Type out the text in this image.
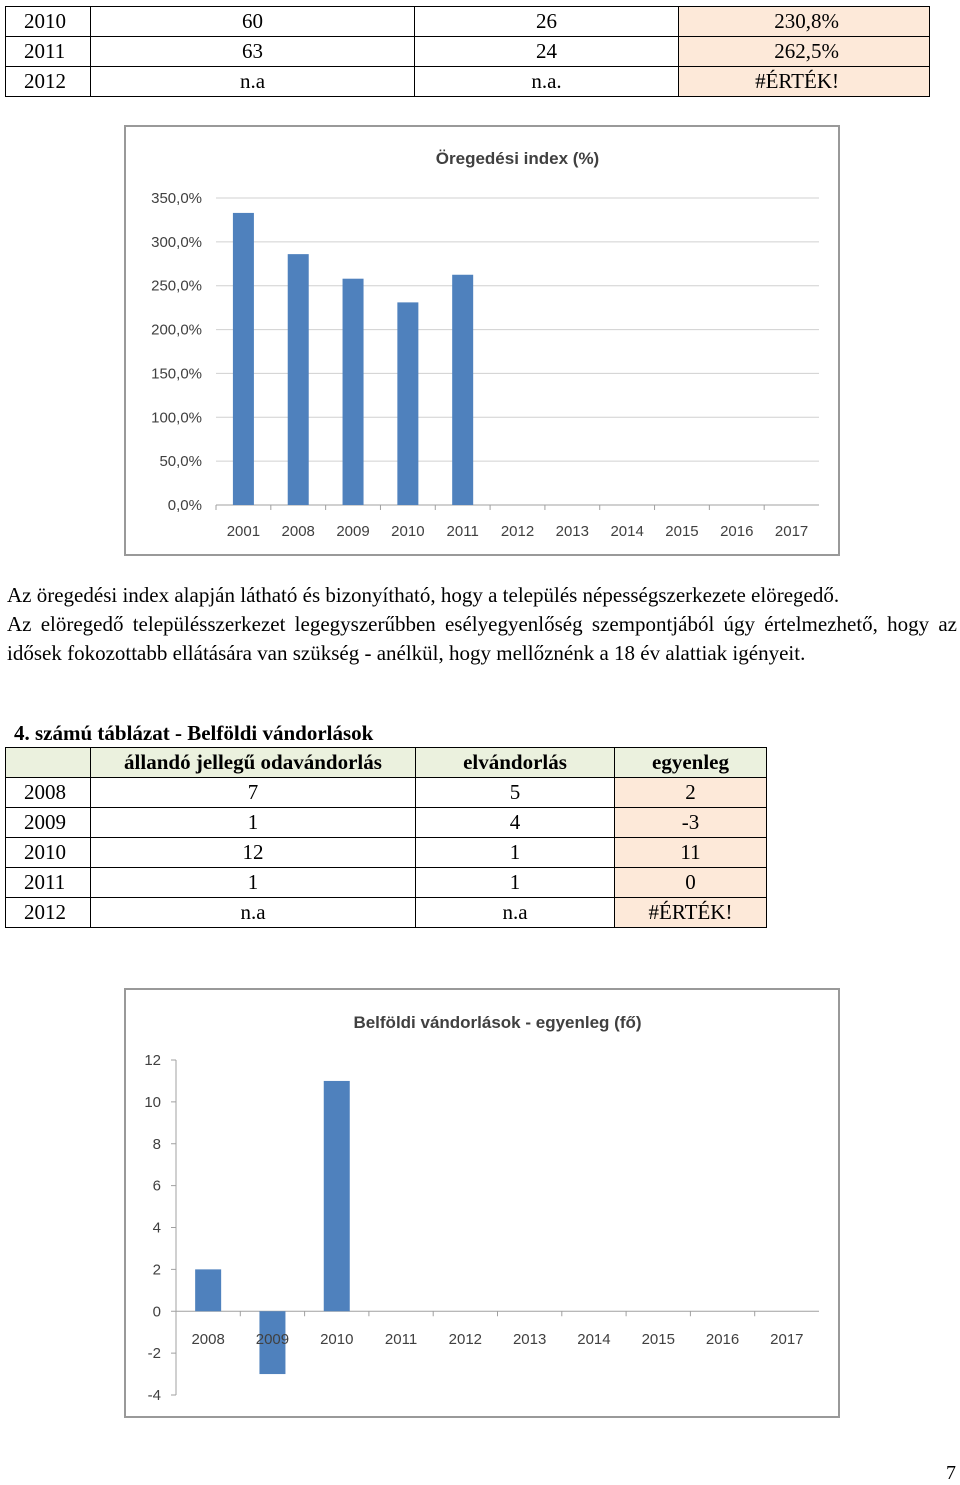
2010	60	26	230,8%
2011	63	24	262,5%
2012	n.a	n.a.	#ÉRTÉK!
Öregedési index (%)
0,0%
50,0%
100,0%
150,0%
200,0%
250,0%
300,0%
350,0%
2001 2008 2009 2010 2011 2012 2013 2014 2015 2016 2017
Az öregedési index alapján látható és bizonyítható, hogy a település népességszerkezete elöregedő.
Az elöregedő településszerkezet legegyszerűbben esélyegyenlőség szempontjából úgy értelmezhető, hogy az idősek fokozottabb ellátására van szükség - anélkül, hogy mellőznénk a 18 év alattiak igényeit.
4. számú táblázat - Belföldi vándorlások
	állandó jellegű odavándorlás	elvándorlás	egyenleg
2008	7	5	2
2009	1	4	-3
2010	12	1	11
2011	1	1	0
2012	n.a	n.a	#ÉRTÉK!
Belföldi vándorlások - egyenleg (fő)
-4
-2
0
2
4
6
8
10
12
2008 2009 2010 2011 2012 2013 2014 2015 2016 2017
7
